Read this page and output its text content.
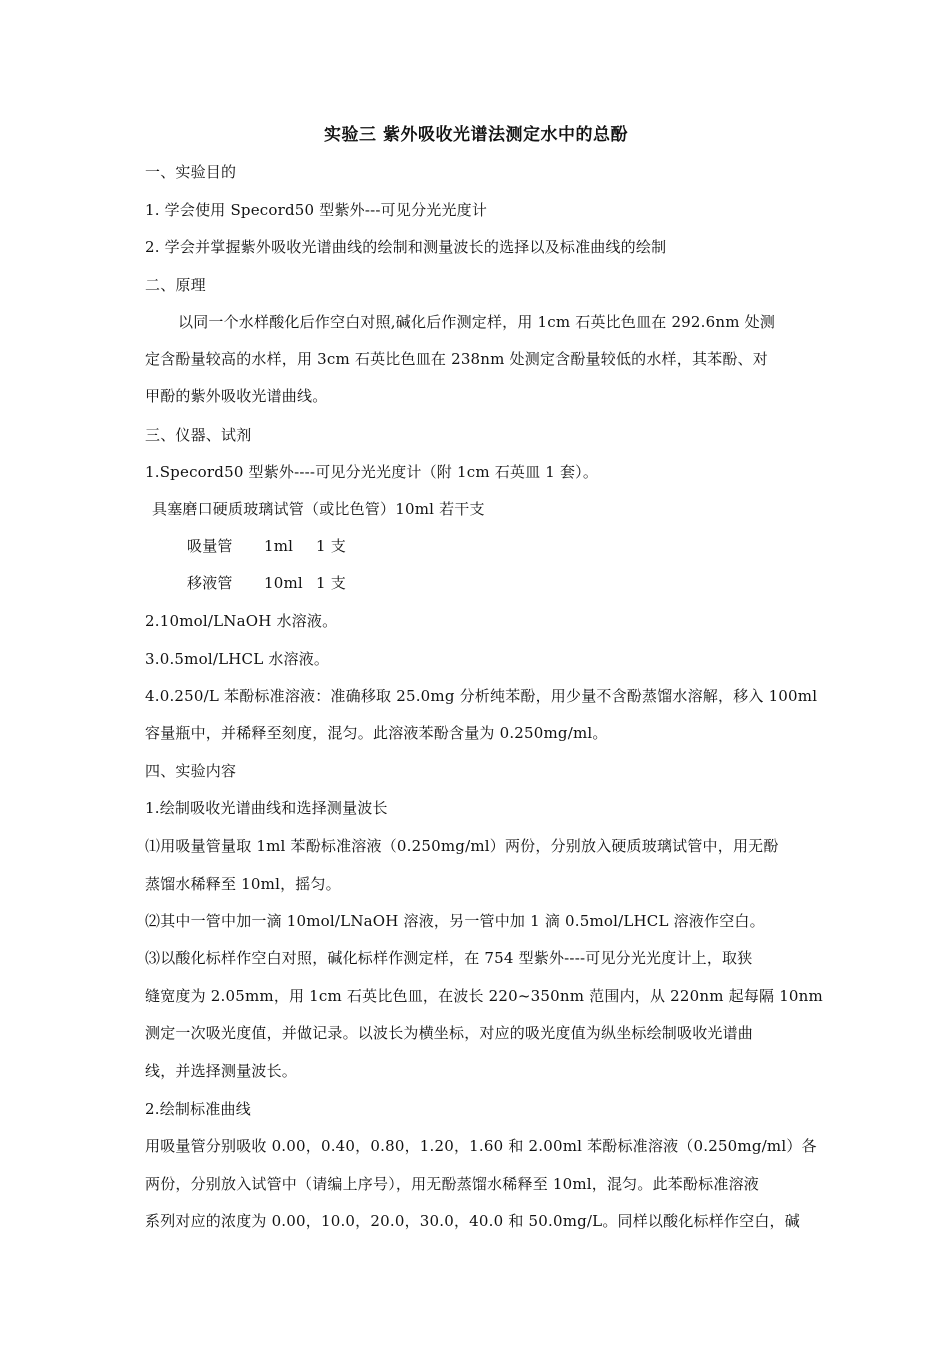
实验三 紫外吸收光谱法测定水中的总酚
一、实验目的
1. 学会使用 Specord50 型紫外---可见分光光度计
2. 学会并掌握紫外吸收光谱曲线的绘制和测量波长的选择以及标准曲线的绘制
二、原理
以同一个水样酸化后作空白对照,碱化后作测定样，用 1cm 石英比色皿在 292.6nm 处测
定含酚量较高的水样，用 3cm 石英比色皿在 238nm 处测定含酚量较低的水样，其苯酚、对
甲酚的紫外吸收光谱曲线。
三、仪器、试剂
1.Specord50 型紫外----可见分光光度计（附 1cm 石英皿 1 套）。
具塞磨口硬质玻璃试管（或比色管）10ml 若干支
吸量管 1ml 1 支
移液管 10ml 1 支
2.10mol/LNaOH 水溶液。
3.0.5mol/LHCL 水溶液。
4.0.250/L 苯酚标准溶液：准确移取 25.0mg 分析纯苯酚，用少量不含酚蒸馏水溶解，移入 100ml
容量瓶中，并稀释至刻度，混匀。此溶液苯酚含量为 0.250mg/ml。
四、实验内容
1.绘制吸收光谱曲线和选择测量波长
⑴用吸量管量取 1ml 苯酚标准溶液（0.250mg/ml）两份，分别放入硬质玻璃试管中，用无酚
蒸馏水稀释至 10ml，摇匀。
⑵其中一管中加一滴 10mol/LNaOH 溶液，另一管中加 1 滴 0.5mol/LHCL 溶液作空白。
⑶以酸化标样作空白对照，碱化标样作测定样，在 754 型紫外----可见分光光度计上，取狭
缝宽度为 2.05mm，用 1cm 石英比色皿，在波长 220~350nm 范围内，从 220nm 起每隔 10nm
测定一次吸光度值，并做记录。以波长为横坐标，对应的吸光度值为纵坐标绘制吸收光谱曲
线，并选择测量波长。
2.绘制标准曲线
用吸量管分别吸收 0.00，0.40，0.80，1.20，1.60 和 2.00ml 苯酚标准溶液（0.250mg/ml）各
两份，分别放入试管中（请编上序号），用无酚蒸馏水稀释至 10ml，混匀。此苯酚标准溶液
系列对应的浓度为 0.00，10.0，20.0，30.0，40.0 和 50.0mg/L。同样以酸化标样作空白，碱
